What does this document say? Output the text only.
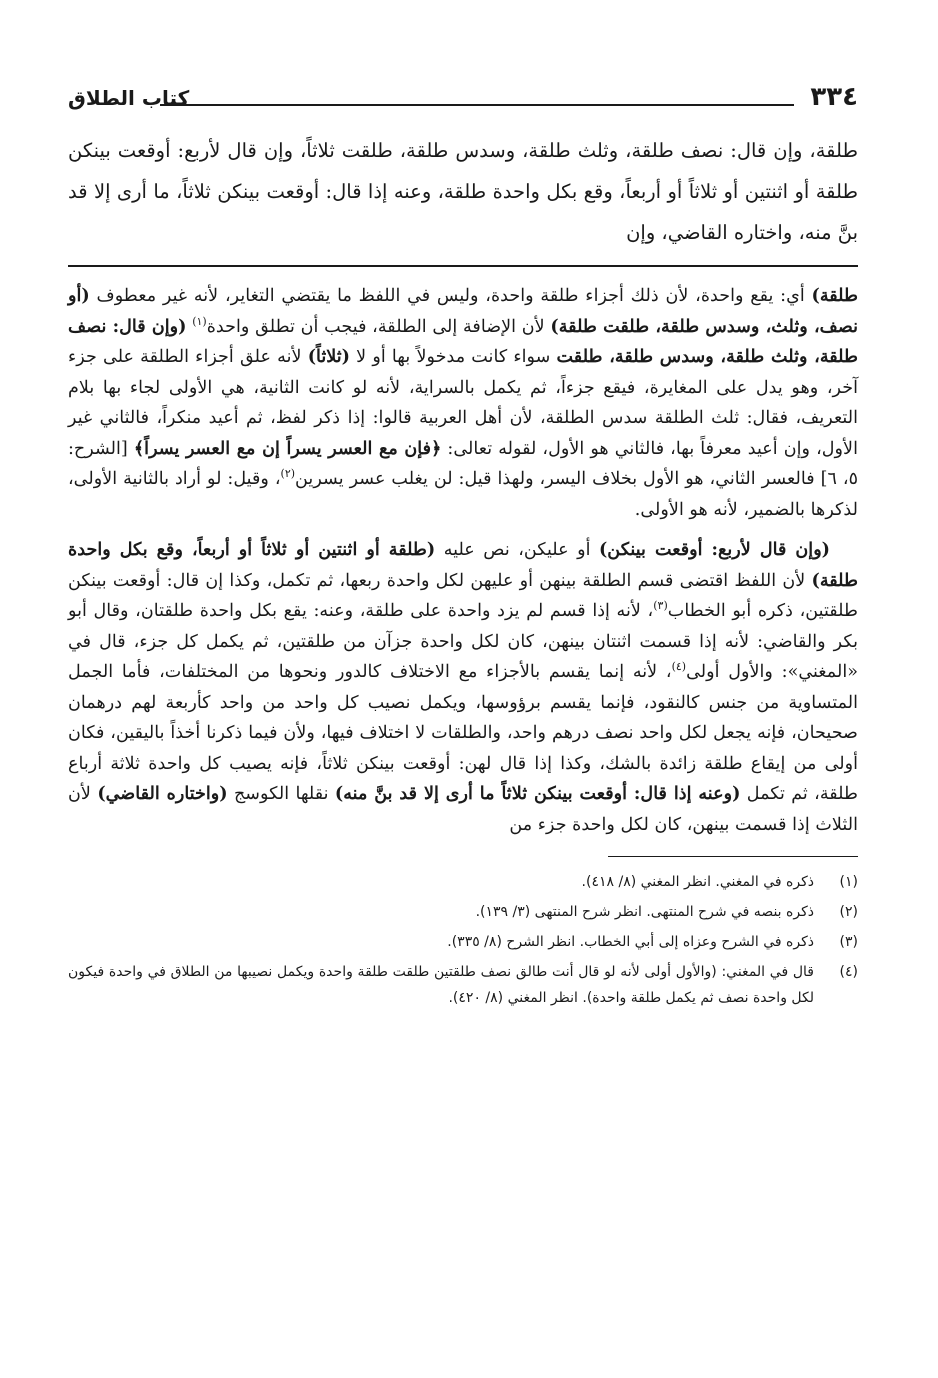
٣٣٤
كتاب الطلاق
طلقة، وإن قال: نصف طلقة، وثلث طلقة، وسدس طلقة، طلقت ثلاثاً، وإن قال لأربع: أوقعت بينكن طلقة أو اثنتين أو ثلاثاً أو أربعاً، وقع بكل واحدة طلقة، وعنه إذا قال: أوقعت بينكن ثلاثاً، ما أرى إلا قد بنَّ منه، واختاره القاضي، وإن

طلقة) أي: يقع واحدة، لأن ذلك أجزاء طلقة واحدة، وليس في اللفظ ما يقتضي التغاير، لأنه غير معطوف (أو نصف، وثلث، وسدس طلقة، طلقت طلقة) لأن الإضافة إلى الطلقة، فيجب أن تطلق واحدة$^{(١)}$ (وإن قال: نصف طلقة، وثلث طلقة، وسدس طلقة، طلقت سواء كانت مدخولاً بها أو لا (ثلاثاً) لأنه علق أجزاء الطلقة على جزء آخر، وهو يدل على المغايرة، فيقع جزءاً، ثم يكمل بالسراية، لأنه لو كانت الثانية، هي الأولى لجاء بها بلام التعريف، فقال: ثلث الطلقة سدس الطلقة، لأن أهل العربية قالوا: إذا ذكر لفظ، ثم أعيد منكراً، فالثاني غير الأول، وإن أعيد معرفاً بها، فالثاني هو الأول، لقوله تعالى: ﴿فإن مع العسر يسراً إن مع العسر يسراً﴾ [الشرح: ٥، ٦] فالعسر الثاني، هو الأول بخلاف اليسر، ولهذا قيل: لن يغلب عسر يسرين$^{(٢)}$، وقيل: لو أراد بالثانية الأولى، لذكرها بالضمير، لأنه هو الأولى.

(وإن قال لأربع: أوقعت بينكن) أو عليكن، نص عليه (طلقة أو اثنتين أو ثلاثاً أو أربعاً، وقع بكل واحدة طلقة) لأن اللفظ اقتضى قسم الطلقة بينهن أو عليهن لكل واحدة ربعها، ثم تكمل، وكذا إن قال: أوقعت بينكن طلقتين، ذكره أبو الخطاب$^{(٣)}$، لأنه إذا قسم لم يزد واحدة على طلقة، وعنه: يقع بكل واحدة طلقتان، وقال أبو بكر والقاضي: لأنه إذا قسمت اثنتان بينهن، كان لكل واحدة جزآن من طلقتين، ثم يكمل كل جزء، قال في «المغني»: والأول أولى$^{(٤)}$، لأنه إنما يقسم بالأجزاء مع الاختلاف كالدور ونحوها من المختلفات، فأما الجمل المتساوية من جنس كالنقود، فإنما يقسم برؤوسها، ويكمل نصيب كل واحد من واحد كأربعة لهم درهمان صحيحان، فإنه يجعل لكل واحد نصف درهم واحد، والطلقات لا اختلاف فيها، ولأن فيما ذكرنا أخذاً باليقين، فكان أولى من إيقاع طلقة زائدة بالشك، وكذا إذا قال لهن: أوقعت بينكن ثلاثاً، فإنه يصيب كل واحدة ثلاثة أرباع طلقة، ثم تكمل (وعنه إذا قال: أوقعت بينكن ثلاثاً ما أرى إلا قد بنَّ منه) نقلها الكوسج (واختاره القاضي) لأن الثلاث إذا قسمت بينهن، كان لكل واحدة جزء من

(١)
ذكره في المغني. انظر المغني (٨/ ٤١٨).
(٢)
ذكره بنصه في شرح المنتهى. انظر شرح المنتهى (٣/ ١٣٩).
(٣)
ذكره في الشرح وعزاه إلى أبي الخطاب. انظر الشرح (٨/ ٣٣٥).
(٤)
قال في المغني: (والأول أولى لأنه لو قال أنت طالق نصف طلقتين طلقت طلقة واحدة ويكمل نصيبها من الطلاق في واحدة فيكون لكل واحدة نصف ثم يكمل طلقة واحدة). انظر المغني (٨/ ٤٢٠).
